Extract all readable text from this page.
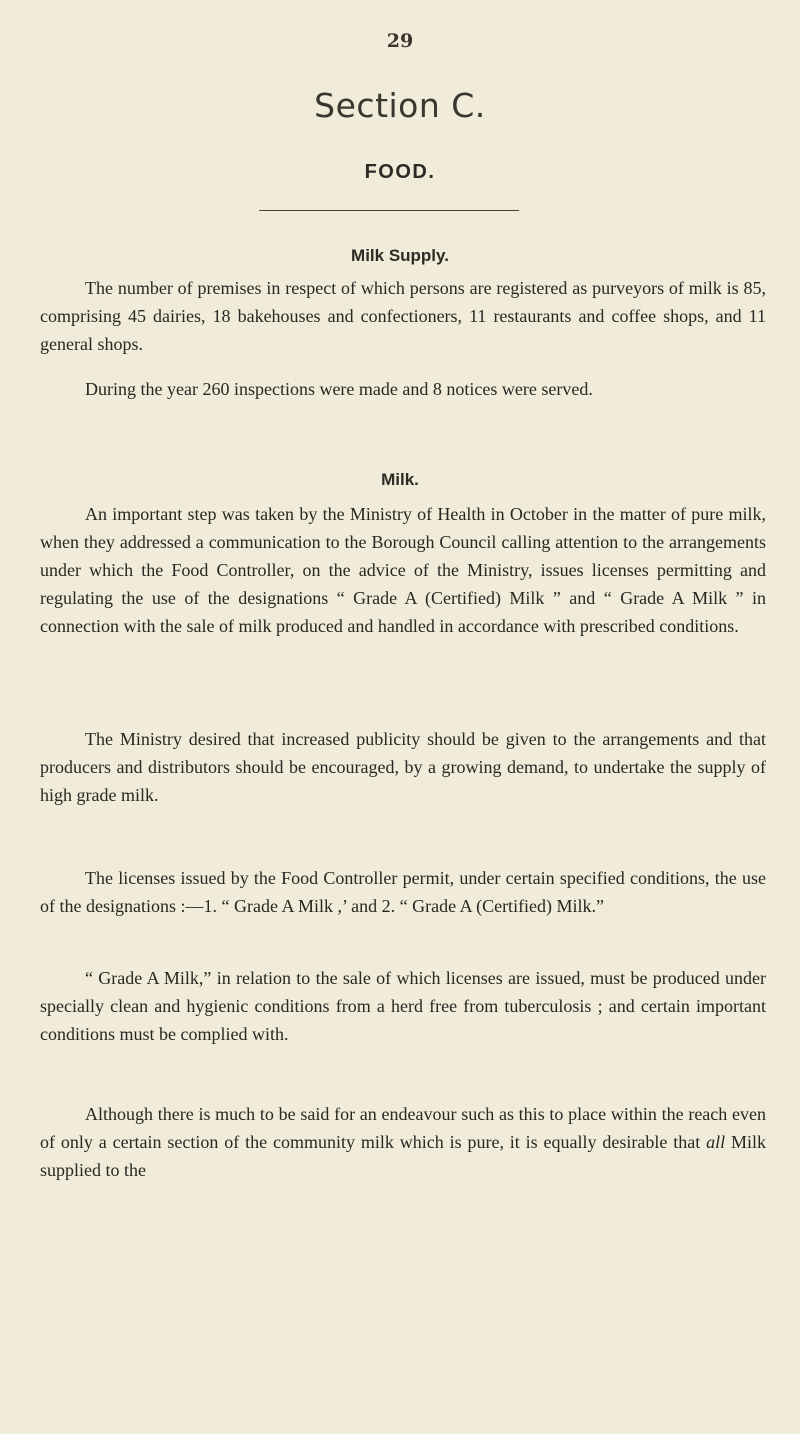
29
Section C.
FOOD.
Milk Supply.

The number of premises in respect of which persons are registered as purveyors of milk is 85, comprising 45 dairies, 18 bakehouses and confectioners, 11 restaurants and coffee shops, and 11 general shops.

During the year 260 inspections were made and 8 notices were served.

Milk.

An important step was taken by the Ministry of Health in October in the matter of pure milk, when they addressed a communication to the Borough Council calling attention to the arrangements under which the Food Controller, on the advice of the Ministry, issues licenses permitting and regulating the use of the designations “ Grade A (Certified) Milk ” and “ Grade A Milk ” in connection with the sale of milk produced and handled in accordance with prescribed conditions.

The Ministry desired that increased publicity should be given to the arrangements and that producers and distributors should be encouraged, by a growing demand, to undertake the supply of high grade milk.

The licenses issued by the Food Controller permit, under certain specified conditions, the use of the designations :—1. “ Grade A Milk ,’ and 2. “ Grade A (Certified) Milk.”

“ Grade A Milk,” in relation to the sale of which licenses are issued, must be produced under specially clean and hygienic conditions from a herd free from tuberculosis ; and certain important conditions must be complied with.

Although there is much to be said for an endeavour such as this to place within the reach even of only a certain section of the community milk which is pure, it is equally desirable that all Milk supplied to the
